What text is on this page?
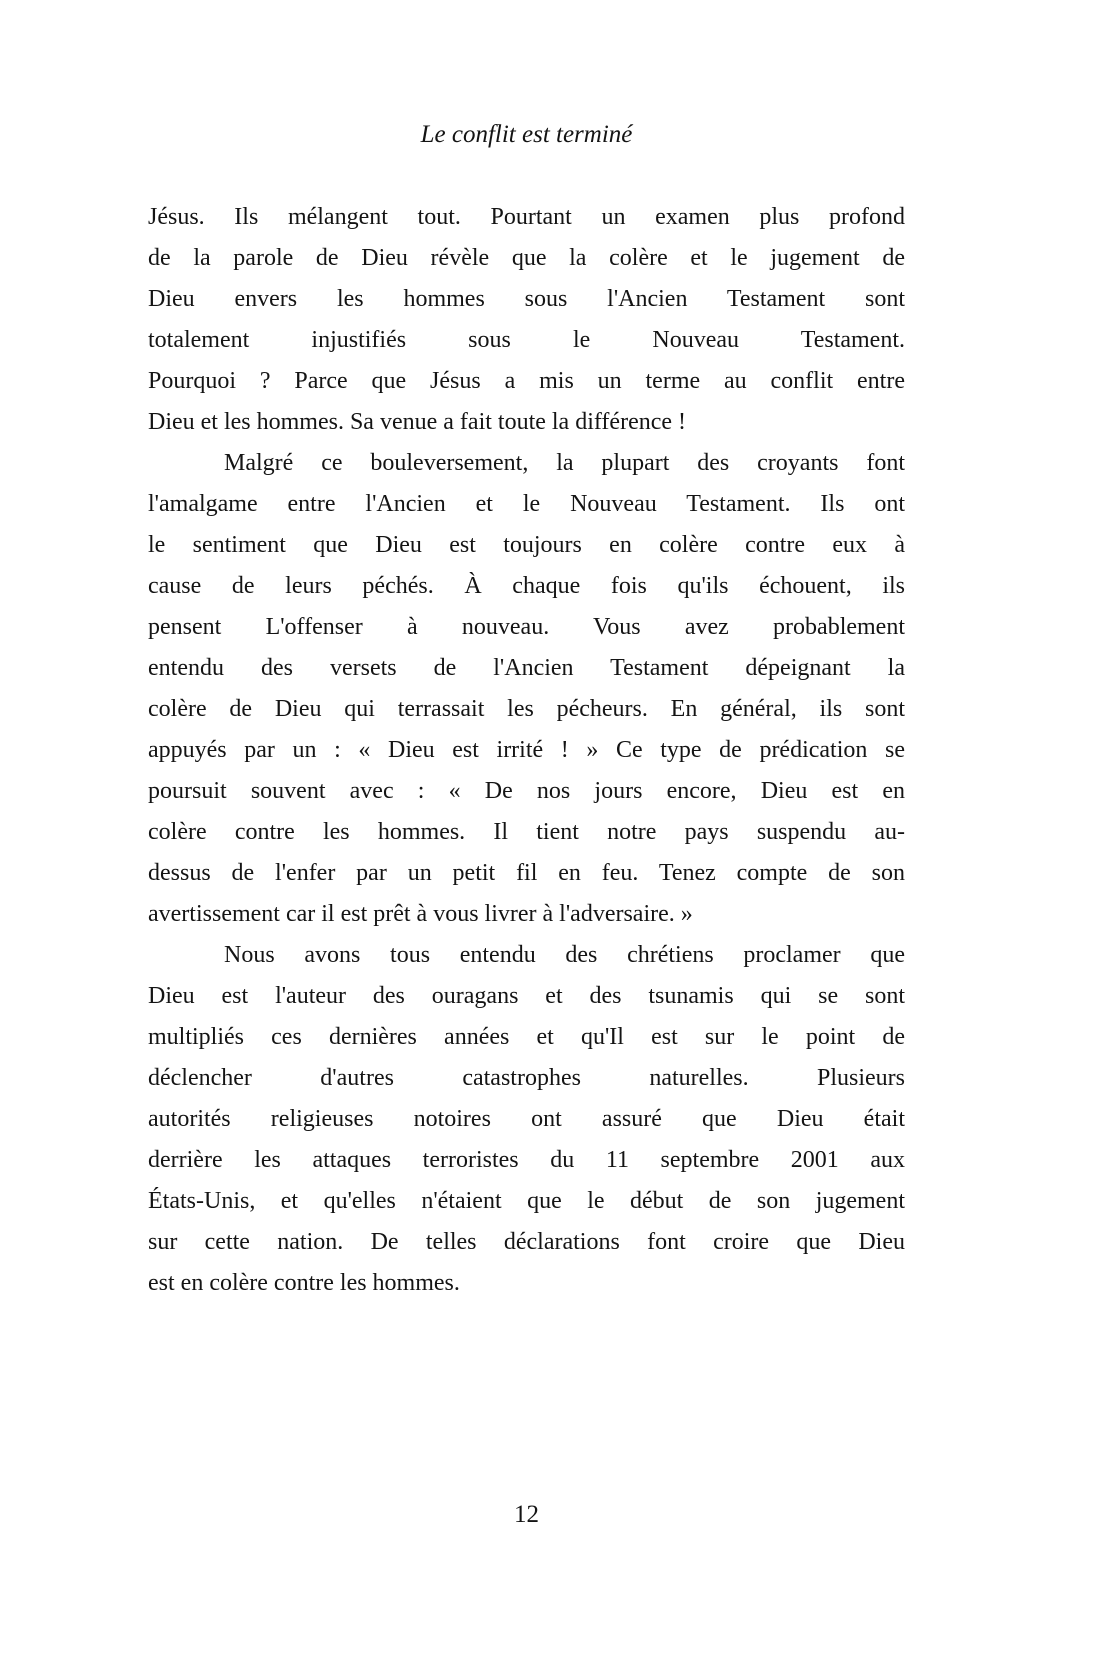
Le conflit est terminé
Jésus. Ils mélangent tout. Pourtant un examen plus profond
de la parole de Dieu révèle que la colère et le jugement de
Dieu envers les hommes sous l'Ancien Testament sont
totalement injustifiés sous le Nouveau Testament.
Pourquoi ? Parce que Jésus a mis un terme au conflit entre
Dieu et les hommes. Sa venue a fait toute la différence !
Malgré ce bouleversement, la plupart des croyants font
l'amalgame entre l'Ancien et le Nouveau Testament. Ils ont
le sentiment que Dieu est toujours en colère contre eux à
cause de leurs péchés. À chaque fois qu'ils échouent, ils
pensent L'offenser à nouveau. Vous avez probablement
entendu des versets de l'Ancien Testament dépeignant la
colère de Dieu qui terrassait les pécheurs. En général, ils sont
appuyés par un : « Dieu est irrité ! » Ce type de prédication se
poursuit souvent avec : « De nos jours encore, Dieu est en
colère contre les hommes. Il tient notre pays suspendu au-
dessus de l'enfer par un petit fil en feu. Tenez compte de son
avertissement car il est prêt à vous livrer à l'adversaire. »
Nous avons tous entendu des chrétiens proclamer que
Dieu est l'auteur des ouragans et des tsunamis qui se sont
multipliés ces dernières années et qu'Il est sur le point de
déclencher d'autres catastrophes naturelles. Plusieurs
autorités religieuses notoires ont assuré que Dieu était
derrière les attaques terroristes du 11 septembre 2001 aux
États-Unis, et qu'elles n'étaient que le début de son jugement
sur cette nation. De telles déclarations font croire que Dieu
est en colère contre les hommes.
12
